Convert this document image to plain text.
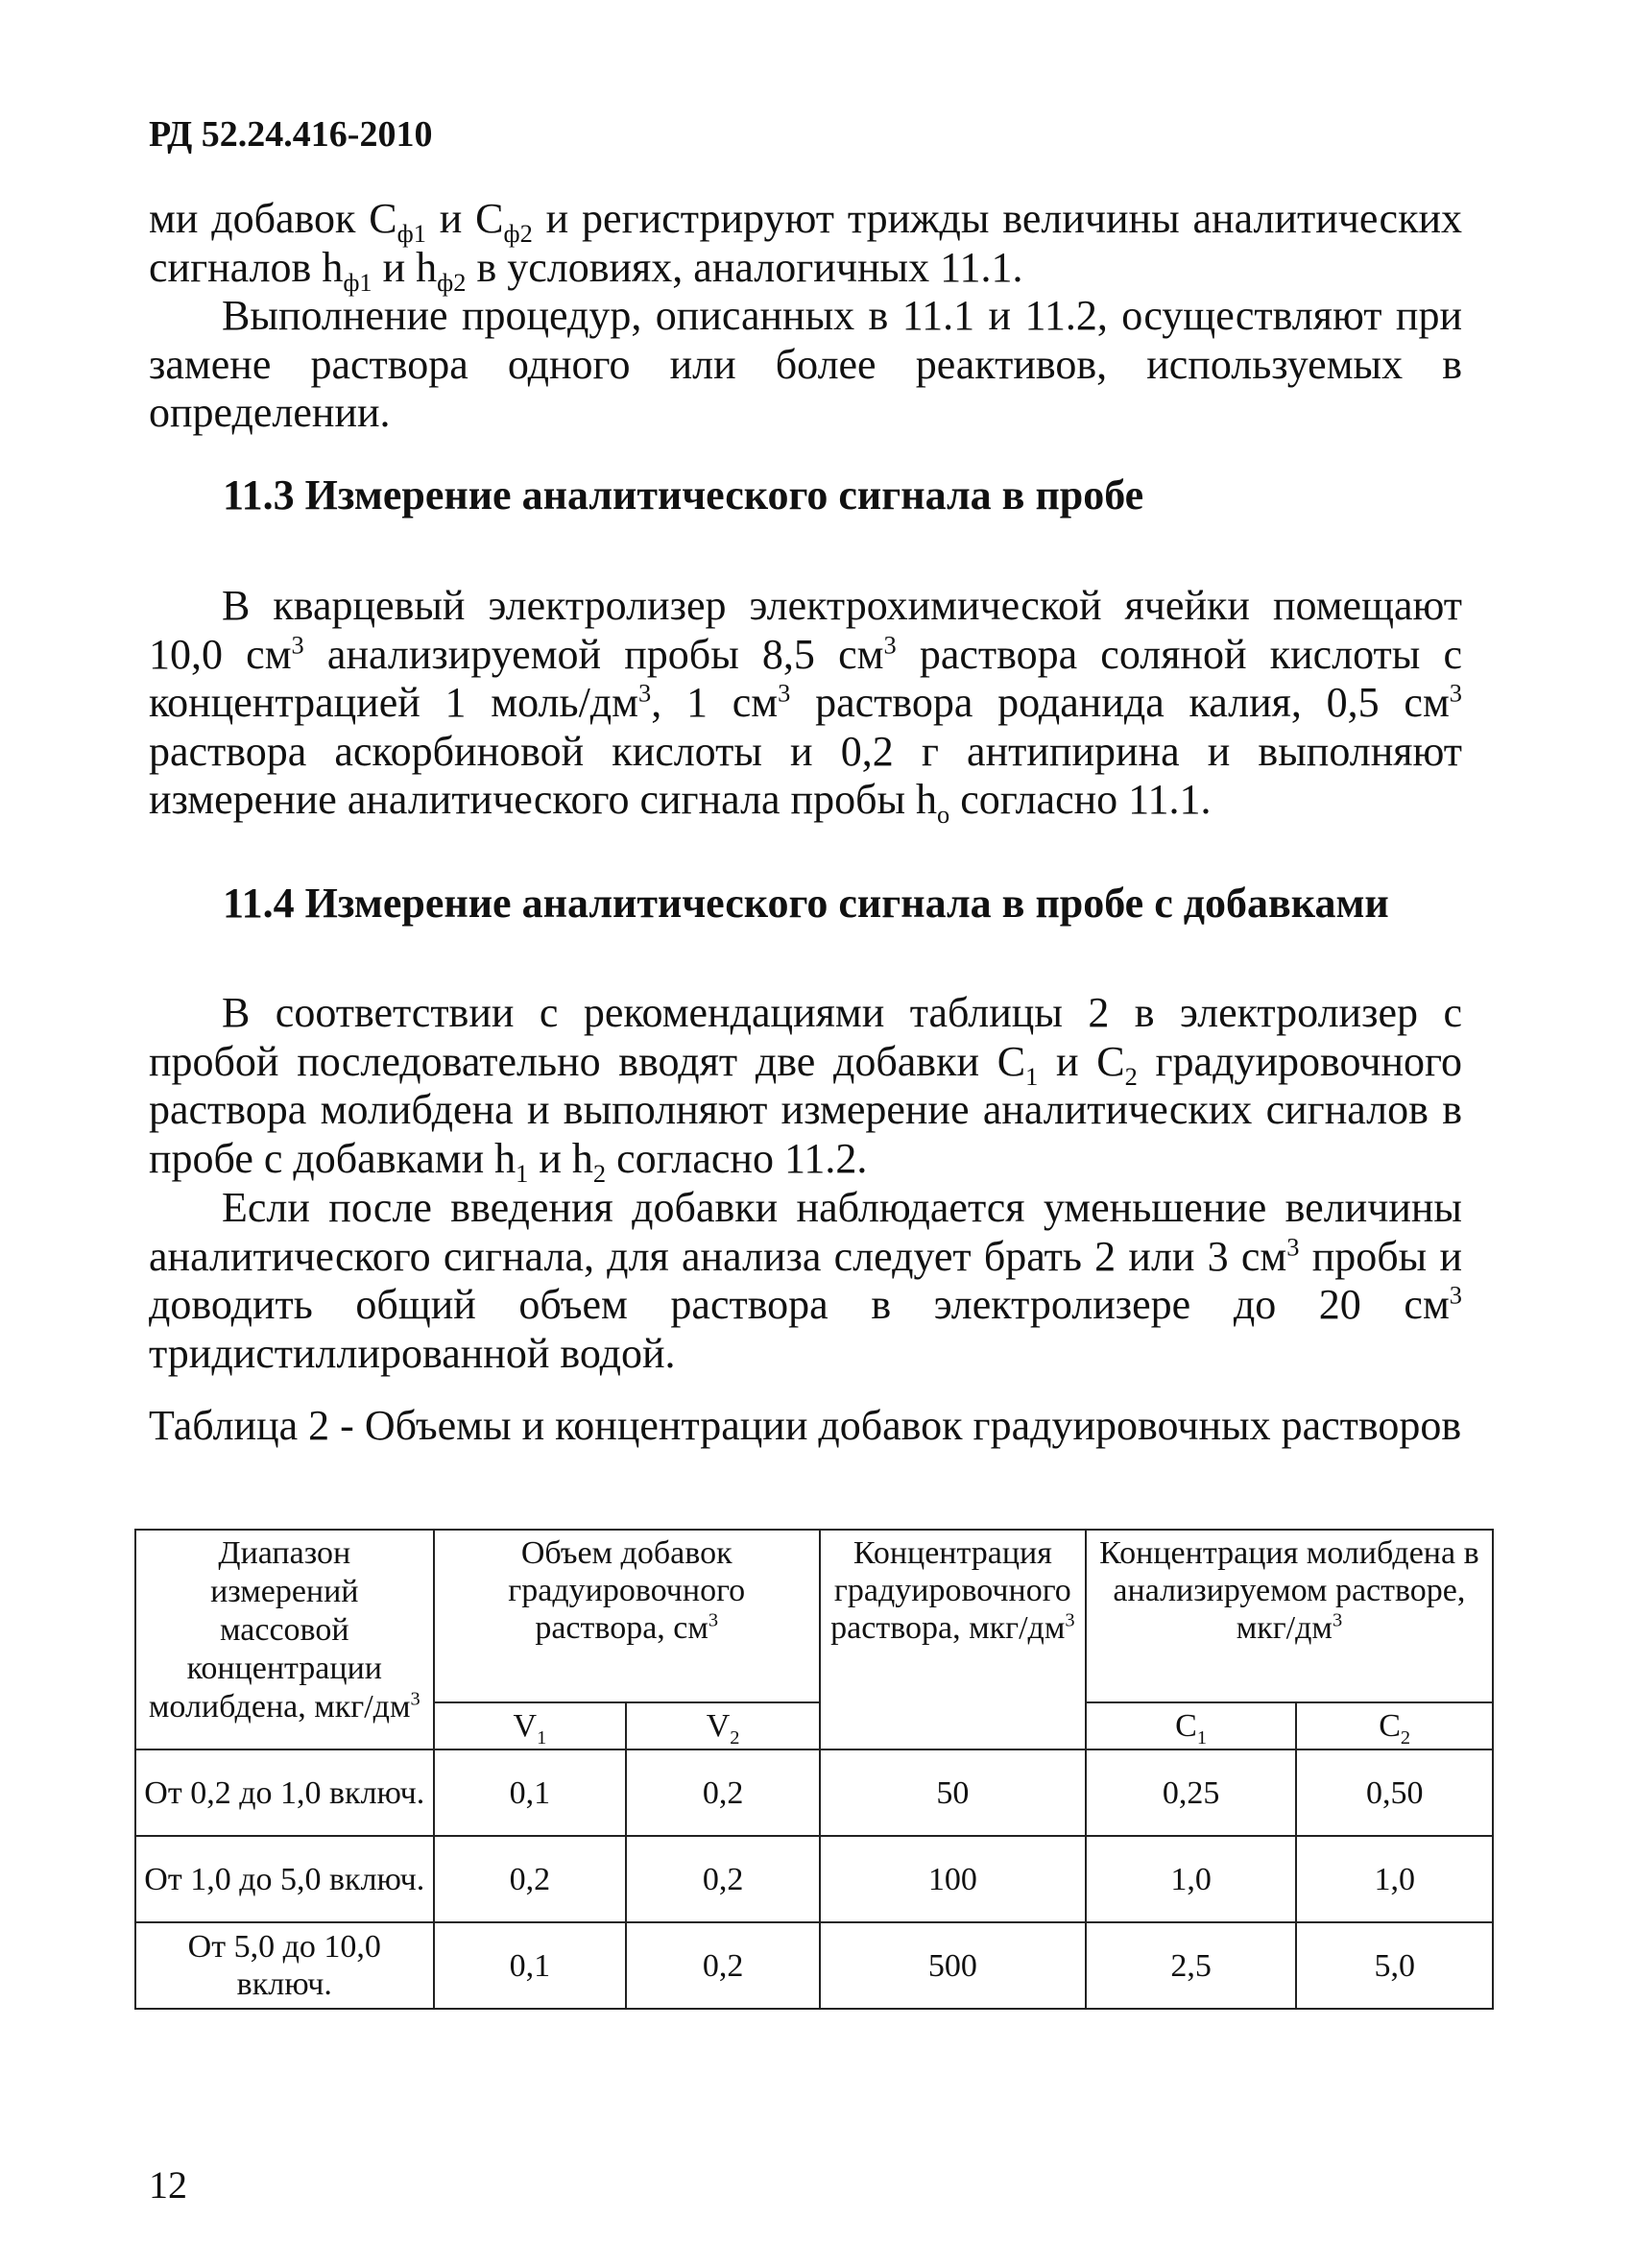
РД 52.24.416-2010

ми добавок $С_{ф1}$ и $С_{ф2}$ и регистрируют трижды величины аналитических сигналов $h_{ф1}$ и $h_{ф2}$ в условиях, аналогичных 11.1.

Выполнение процедур, описанных в 11.1 и 11.2, осуществляют при замене раствора одного или более реактивов, используемых в определении.

11.3 Измерение аналитического сигнала в пробе

В кварцевый электролизер электрохимической ячейки помещают 10,0 $см^3$ анализируемой пробы 8,5 $см^3$ раствора соляной кислоты с концентрацией 1 моль/$дм^3$, 1 $см^3$ раствора роданида калия, 0,5 $см^3$ раствора аскорбиновой кислоты и 0,2 г антипирина и выполняют измерение аналитического сигнала пробы $h_о$ согласно 11.1.

11.4 Измерение аналитического сигнала в пробе с добавками

В соответствии с рекомендациями таблицы 2 в электролизер с пробой последовательно вводят две добавки $С_1$ и $С_2$ градуировочного раствора молибдена и выполняют измерение аналитических сигналов в пробе с добавками $h_1$ и $h_2$ согласно 11.2.

Если после введения добавки наблюдается уменьшение величины аналитического сигнала, для анализа следует брать 2 или 3 $см^3$ пробы и доводить общий объем раствора в электролизере до 20 $см^3$ тридистиллированной водой.

Таблица 2 - Объемы и концентрации добавок градуировочных растворов

Диапазон измерений массовой концентрации молибдена, мкг/$дм^3$	Объем добавок градуировочного раствора, $см^3$		Концентрация градуировочного раствора, мкг/$дм^3$	Концентрация молибдена в анализируемом растворе, мкг/$дм^3$
	$V_1$	$V_2$		$С_1$	$С_2$
От 0,2 до 1,0 включ.	0,1	0,2	50	0,25	0,50
От 1,0 до 5,0 включ.	0,2	0,2	100	1,0	1,0
От 5,0 до 10,0 включ.	0,1	0,2	500	2,5	5,0

12
